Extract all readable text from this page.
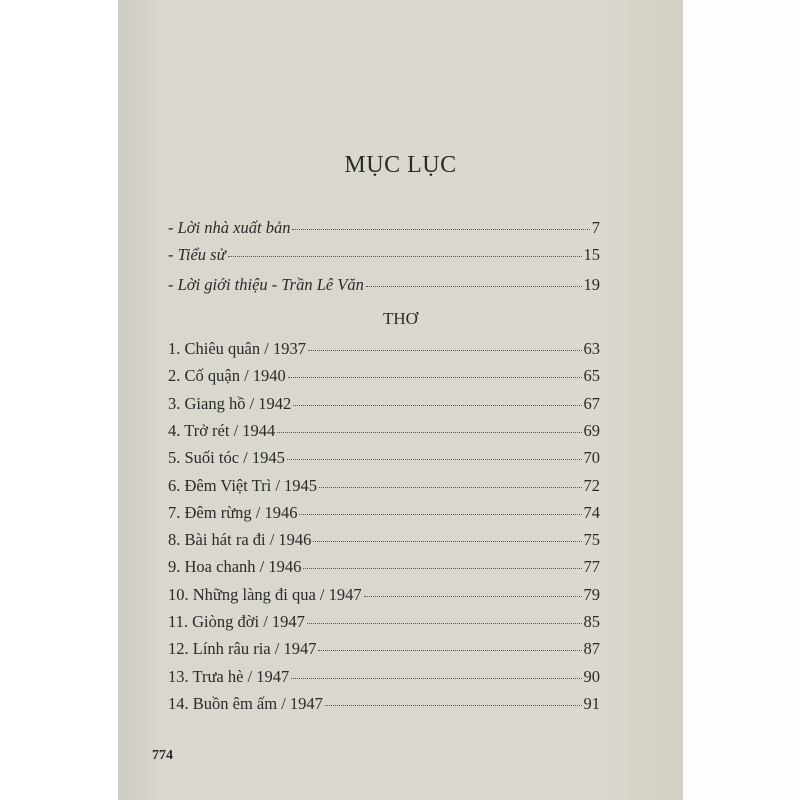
MỤC LỤC
- Lời nhà xuất bản	7
- Tiểu sử	15
- Lời giới thiệu - Trần Lê Văn	19
THƠ
1. Chiêu quân / 1937	63
2. Cố quận / 1940	65
3. Giang hồ / 1942	67
4. Trở rét / 1944	69
5. Suối tóc / 1945	70
6. Đêm Việt Trì / 1945	72
7. Đêm rừng / 1946	74
8. Bài hát ra đi / 1946	75
9. Hoa chanh / 1946	77
10. Những làng đi qua / 1947	79
11. Giòng đời / 1947	85
12. Lính râu ria / 1947	87
13. Trưa hè / 1947	90
14. Buồn êm ấm / 1947	91
774
